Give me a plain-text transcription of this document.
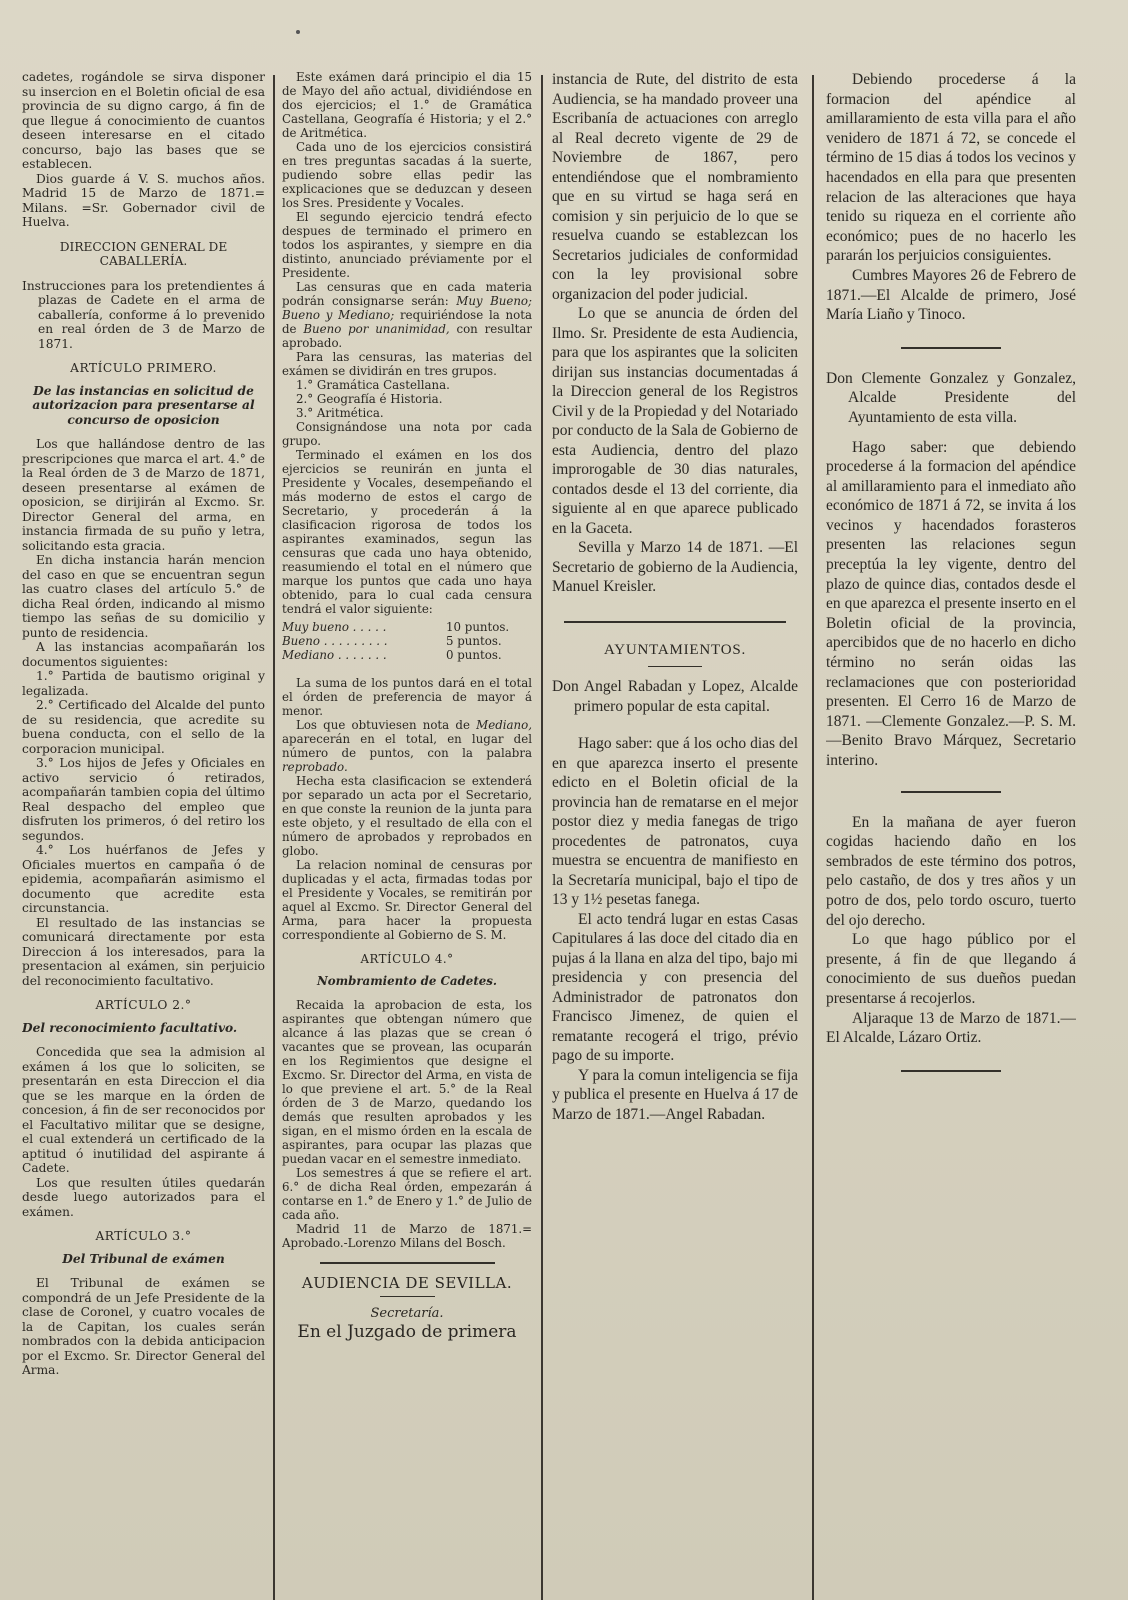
cadetes, rogándole se sirva disponer su insercion en el Boletin oficial de esa provincia de su digno cargo, á fin de que llegue á conocimiento de cuantos deseen interesarse en el citado concurso, bajo las bases que se establecen.

Dios guarde á V. S. muchos años. Madrid 15 de Marzo de 1871.= Milans. =Sr. Gobernador civil de Huelva.

DIRECCION GENERAL DE CABALLERÍA.

Instrucciones para los pretendientes á plazas de Cadete en el arma de caballería, conforme á lo prevenido en real órden de 3 de Marzo de 1871.

ARTÍCULO PRIMERO.

De las instancias en solicitud de autorizacion para presentarse al concurso de oposicion

Los que hallándose dentro de las prescripciones que marca el art. 4.° de la Real órden de 3 de Marzo de 1871, deseen presentarse al exámen de oposicion, se dirijirán al Excmo. Sr. Director General del arma, en instancia firmada de su puño y letra, solicitando esta gracia.

En dicha instancia harán mencion del caso en que se encuentran segun las cuatro clases del artículo 5.° de dicha Real órden, indicando al mismo tiempo las señas de su domicilio y punto de residencia.

A las instancias acompañarán los documentos siguientes:

1.° Partida de bautismo original y legalizada.

2.° Certificado del Alcalde del punto de su residencia, que acredite su buena conducta, con el sello de la corporacion municipal.

3.° Los hijos de Jefes y Oficiales en activo servicio ó retirados, acompañarán tambien copia del último Real despacho del empleo que disfruten los primeros, ó del retiro los segundos.

4.° Los huérfanos de Jefes y Oficiales muertos en campaña ó de epidemia, acompañarán asimismo el documento que acredite esta circunstancia.

El resultado de las instancias se comunicará directamente por esta Direccion á los interesados, para la presentacion al exámen, sin perjuicio del reconocimiento facultativo.

ARTÍCULO 2.°

Del reconocimiento facultativo.

Concedida que sea la admision al exámen á los que lo soliciten, se presentarán en esta Direccion el dia que se les marque en la órden de concesion, á fin de ser reconocidos por el Facultativo militar que se designe, el cual extenderá un certificado de la aptitud ó inutilidad del aspirante á Cadete.

Los que resulten útiles quedarán desde luego autorizados para el exámen.

ARTÍCULO 3.°

Del Tribunal de exámen

El Tribunal de exámen se compondrá de un Jefe Presidente de la clase de Coronel, y cuatro vocales de la de Capitan, los cuales serán nombrados con la debida anticipacion por el Excmo. Sr. Director General del Arma.

Este exámen dará principio el dia 15 de Mayo del año actual, dividiéndose en dos ejercicios; el 1.° de Gramática Castellana, Geografía é Historia; y el 2.° de Aritmética.

Cada uno de los ejercicios consistirá en tres preguntas sacadas á la suerte, pudiendo sobre ellas pedir las explicaciones que se deduzcan y deseen los Sres. Presidente y Vocales.

El segundo ejercicio tendrá efecto despues de terminado el primero en todos los aspirantes, y siempre en dia distinto, anunciado préviamente por el Presidente.

Las censuras que en cada materia podrán consignarse serán: Muy Bueno; Bueno y Mediano; requiriéndose la nota de Bueno por unanimidad, con resultar aprobado.

Para las censuras, las materias del exámen se dividirán en tres grupos.

1.° Gramática Castellana.

2.° Geografía é Historia.

3.° Aritmética.

Consignándose una nota por cada grupo.

Terminado el exámen en los dos ejercicios se reunirán en junta el Presidente y Vocales, desempeñando el más moderno de estos el cargo de Secretario, y procederán á la clasificacion rigorosa de todos los aspirantes examinados, segun las censuras que cada uno haya obtenido, reasumiendo el total en el número que marque los puntos que cada uno haya obtenido, para lo cual cada censura tendrá el valor siguiente:

Muy bueno . . . . .	10 puntos.
Bueno . . . . . . . . .	5 puntos.
Mediano . . . . . . .	0 puntos.

La suma de los puntos dará en el total el órden de preferencia de mayor á menor.

Los que obtuviesen nota de Mediano, aparecerán en el total, en lugar del número de puntos, con la palabra reprobado.

Hecha esta clasificacion se extenderá por separado un acta por el Secretario, en que conste la reunion de la junta para este objeto, y el resultado de ella con el número de aprobados y reprobados en globo.

La relacion nominal de censuras por duplicadas y el acta, firmadas todas por el Presidente y Vocales, se remitirán por aquel al Excmo. Sr. Director General del Arma, para hacer la propuesta correspondiente al Gobierno de S. M.

ARTÍCULO 4.°

Nombramiento de Cadetes.

Recaida la aprobacion de esta, los aspirantes que obtengan número que alcance á las plazas que se crean ó vacantes que se provean, las ocuparán en los Regimientos que designe el Excmo. Sr. Director del Arma, en vista de lo que previene el art. 5.° de la Real órden de 3 de Marzo, quedando los demás que resulten aprobados y les sigan, en el mismo órden en la escala de aspirantes, para ocupar las plazas que puedan vacar en el semestre inmediato.

Los semestres á que se refiere el art. 6.° de dicha Real órden, empezarán á contarse en 1.° de Enero y 1.° de Julio de cada año.

Madrid 11 de Marzo de 1871.= Aprobado.-Lorenzo Milans del Bosch.

AUDIENCIA DE SEVILLA.

Secretaría.

En el Juzgado de primera

instancia de Rute, del distrito de esta Audiencia, se ha mandado proveer una Escribanía de actuaciones con arreglo al Real decreto vigente de 29 de Noviembre de 1867, pero entendiéndose que el nombramiento que en su virtud se haga será en comision y sin perjuicio de lo que se resuelva cuando se establezcan los Secretarios judiciales de conformidad con la ley provisional sobre organizacion del poder judicial.

Lo que se anuncia de órden del Ilmo. Sr. Presidente de esta Audiencia, para que los aspirantes que la soliciten dirijan sus instancias documentadas á la Direccion general de los Registros Civil y de la Propiedad y del Notariado por conducto de la Sala de Gobierno de esta Audiencia, dentro del plazo improrogable de 30 dias naturales, contados desde el 13 del corriente, dia siguiente al en que aparece publicado en la Gaceta.

Sevilla y Marzo 14 de 1871. —El Secretario de gobierno de la Audiencia, Manuel Kreisler.

AYUNTAMIENTOS.

Don Angel Rabadan y Lopez, Alcalde primero popular de esta capital.

Hago saber: que á los ocho dias del en que aparezca inserto el presente edicto en el Boletin oficial de la provincia han de rematarse en el mejor postor diez y media fanegas de trigo procedentes de patronatos, cuya muestra se encuentra de manifiesto en la Secretaría municipal, bajo el tipo de 13 y 1½ pesetas fanega.

El acto tendrá lugar en estas Casas Capitulares á las doce del citado dia en pujas á la llana en alza del tipo, bajo mi presidencia y con presencia del Administrador de patronatos don Francisco Jimenez, de quien el rematante recogerá el trigo, prévio pago de su importe.

Y para la comun inteligencia se fija y publica el presente en Huelva á 17 de Marzo de 1871.—Angel Rabadan.

Debiendo procederse á la formacion del apéndice al amillaramiento de esta villa para el año venidero de 1871 á 72, se concede el término de 15 dias á todos los vecinos y hacendados en ella para que presenten relacion de las alteraciones que haya tenido su riqueza en el corriente año económico; pues de no hacerlo les pararán los perjuicios consiguientes.

Cumbres Mayores 26 de Febrero de 1871.—El Alcalde de primero, José María Liaño y Tinoco.

Don Clemente Gonzalez y Gonzalez, Alcalde Presidente del Ayuntamiento de esta villa.

Hago saber: que debiendo procederse á la formacion del apéndice al amillaramiento para el inmediato año económico de 1871 á 72, se invita á los vecinos y hacendados forasteros presenten las relaciones segun preceptúa la ley vigente, dentro del plazo de quince dias, contados desde el en que aparezca el presente inserto en el Boletin oficial de la provincia, apercibidos que de no hacerlo en dicho término no serán oidas las reclamaciones que con posterioridad presenten. El Cerro 16 de Marzo de 1871. —Clemente Gonzalez.—P. S. M.—Benito Bravo Márquez, Secretario interino.

En la mañana de ayer fueron cogidas haciendo daño en los sembrados de este término dos potros, pelo castaño, de dos y tres años y un potro de dos, pelo tordo oscuro, tuerto del ojo derecho.

Lo que hago público por el presente, á fin de que llegando á conocimiento de sus dueños puedan presentarse á recojerlos.

Aljaraque 13 de Marzo de 1871.—El Alcalde, Lázaro Ortiz.
